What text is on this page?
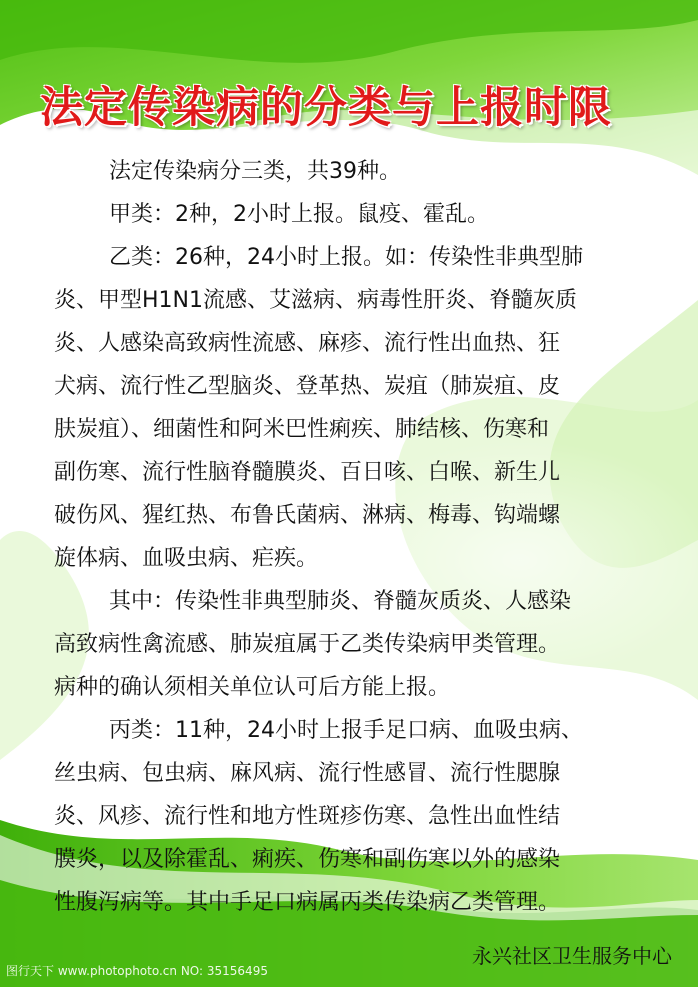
法定传染病的分类与上报时限
法定传染病分三类，共39种。
甲类：2种，2小时上报。鼠疫、霍乱。
乙类：26种，24小时上报。如：传染性非典型肺
炎、甲型H1N1流感、艾滋病、病毒性肝炎、脊髓灰质
炎、人感染高致病性流感、麻疹、流行性出血热、狂
犬病、流行性乙型脑炎、登革热、炭疽（肺炭疽、皮
肤炭疽）、细菌性和阿米巴性痢疾、肺结核、伤寒和
副伤寒、流行性脑脊髓膜炎、百日咳、白喉、新生儿
破伤风、猩红热、布鲁氏菌病、淋病、梅毒、钩端螺
旋体病、血吸虫病、疟疾。
其中：传染性非典型肺炎、脊髓灰质炎、人感染
高致病性禽流感、肺炭疽属于乙类传染病甲类管理。
病种的确认须相关单位认可后方能上报。
丙类：11种，24小时上报手足口病、血吸虫病、
丝虫病、包虫病、麻风病、流行性感冒、流行性腮腺
炎、风疹、流行性和地方性斑疹伤寒、急性出血性结
膜炎，以及除霍乱、痢疾、伤寒和副伤寒以外的感染
性腹泻病等。其中手足口病属丙类传染病乙类管理。
永兴社区卫生服务中心
图行天下 www.photophoto.cn NO: 35156495
